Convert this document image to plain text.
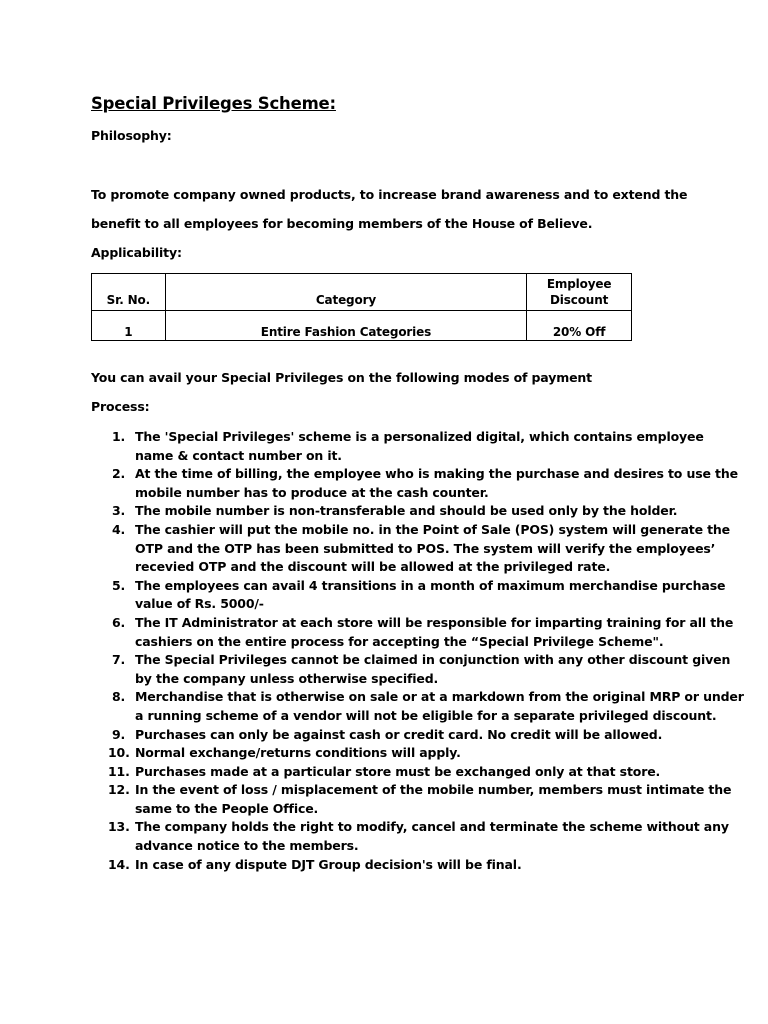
Special Privileges Scheme:

Philosophy:

To promote company owned products, to increase brand awareness and to extend the

benefit to all employees for becoming members of the House of Believe.

Applicability:

Sr. No.	Category	Employee
Discount
1	Entire Fashion Categories	20% Off

You can avail your Special Privileges on the following modes of payment

Process:

1. The 'Special Privileges' scheme is a personalized digital, which contains employee
name & contact number on it.
2. At the time of billing, the employee who is making the purchase and desires to use the
mobile number has to produce at the cash counter.
3. The mobile number is non-transferable and should be used only by the holder.
4. The cashier will put the mobile no. in the Point of Sale (POS) system will generate the
OTP and the OTP has been submitted to POS. The system will verify the employees’
recevied OTP and the discount will be allowed at the privileged rate.
5. The employees can avail 4 transitions in a month of maximum merchandise purchase
value of Rs. 5000/-
6. The IT Administrator at each store will be responsible for imparting training for all the
cashiers on the entire process for accepting the “Special Privilege Scheme".
7. The Special Privileges cannot be claimed in conjunction with any other discount given
by the company unless otherwise specified.
8. Merchandise that is otherwise on sale or at a markdown from the original MRP or under
a running scheme of a vendor will not be eligible for a separate privileged discount.
9. Purchases can only be against cash or credit card. No credit will be allowed.
10. Normal exchange/returns conditions will apply.
11. Purchases made at a particular store must be exchanged only at that store.
12. In the event of loss / misplacement of the mobile number, members must intimate the
same to the People Office.
13. The company holds the right to modify, cancel and terminate the scheme without any
advance notice to the members.
14. In case of any dispute DJT Group decision's will be final.
